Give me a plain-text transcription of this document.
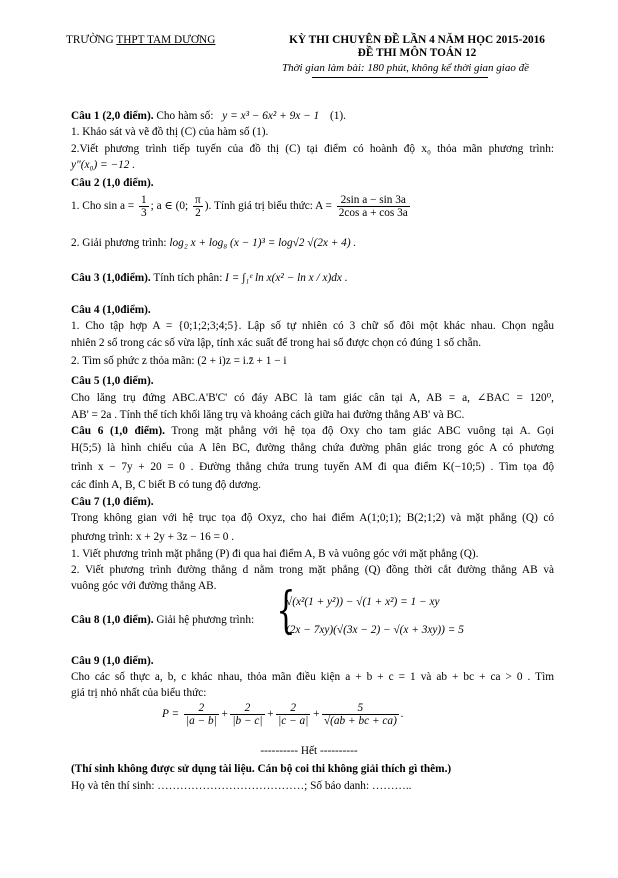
TRƯỜNG THPT TAM DƯƠNG	KỲ THI CHUYÊN ĐỀ LẦN 4 NĂM HỌC 2015-2016
ĐỀ THI MÔN TOÁN 12
Thời gian làm bài: 180 phút, không kể thời gian giao đề
Câu 1 (2,0 điểm). Cho hàm số: y = x³ − 6x² + 9x − 1 (1).
1. Khảo sát và vẽ đồ thị (C) của hàm số (1).
2.Viết phương trình tiếp tuyến của đồ thị (C) tại điểm có hoành độ x₀ thỏa mãn phương trình:
y"(x₀) = −12 .
Câu 2 (1,0 điểm).
1. Cho $\sin a = \frac{1}{3}$ ; a ∈ (0; $\frac{\pi}{2}$ ). Tính giá trị biểu thức: $A = \frac{\text{2sin a − sin 3a}}{\text{2cos a + cos 3a}}$
2. Giải phương trình: log₂ x + log₈ (x − 1)³ = log√2 √(2x + 4) .
Câu 3 (1,0điểm). Tính tích phân: I = ∫₁ᵉ ln x(x² − ln x / x)dx .
Câu 4 (1,0điểm).
1. Cho tập hợp A = {0;1;2;3;4;5}. Lập số tự nhiên có 3 chữ số đôi một khác nhau. Chọn ngẫu
nhiên 2 số trong các số vừa lập, tính xác suất để trong hai số được chọn có đúng 1 số chẵn.
2. Tìm số phức z thỏa mãn: (2 + i)z = i.z̄ + 1 − i
Câu 5 (1,0 điểm).
Cho lăng trụ đứng ABC.A'B'C' có đáy ABC là tam giác cân tại A, AB = a, ∠BAC = 120⁰,
AB' = 2a . Tính thể tích khối lăng trụ và khoảng cách giữa hai đường thẳng AB' và BC.
Câu 6 (1,0 điểm). Trong mặt phẳng với hệ tọa độ Oxy cho tam giác ABC vuông tại A. Gọi
H(5;5) là hình chiếu của A lên BC, đường thẳng chứa đường phân giác trong góc A có phương
trình x − 7y + 20 = 0 . Đường thẳng chứa trung tuyến AM đi qua điểm K(−10;5) . Tìm tọa độ
các đỉnh A, B, C biết B có tung độ dương.
Câu 7 (1,0 điểm).
Trong không gian với hệ trục tọa độ Oxyz, cho hai điểm A(1;0;1); B(2;1;2) và mặt phẳng (Q) có
phương trình: x + 2y + 3z − 16 = 0 .
1. Viết phương trình mặt phẳng (P) đi qua hai điểm A, B và vuông góc với mặt phẳng (Q).
2. Viết phương trình đường thẳng d nằm trong mặt phẳng (Q) đồng thời cắt đường thẳng AB và
vuông góc với đường thẳng AB.
Câu 8 (1,0 điểm). Giải hệ phương trình: {
√(x²(1 + y²)) − √(1 + x²) = 1 − xy
(2x − 7xy)(√(3x − 2) − √(x + 3xy)) = 5
Câu 9 (1,0 điểm).
Cho các số thực a, b, c khác nhau, thỏa mãn điều kiện a + b + c = 1 và ab + bc + ca > 0 . Tìm
giá trị nhỏ nhất của biểu thức:
$P = \frac{2}{|a - b|} + \frac{2}{|b - c|} + \frac{2}{|c - a|} + \frac{5}{√(ab + bc + ca)}$ .
---------- Hết ----------
(Thí sinh không được sử dụng tài liệu. Cán bộ coi thi không giải thích gì thêm.)
Họ và tên thí sinh: …………………………………; Số báo danh: ………..
